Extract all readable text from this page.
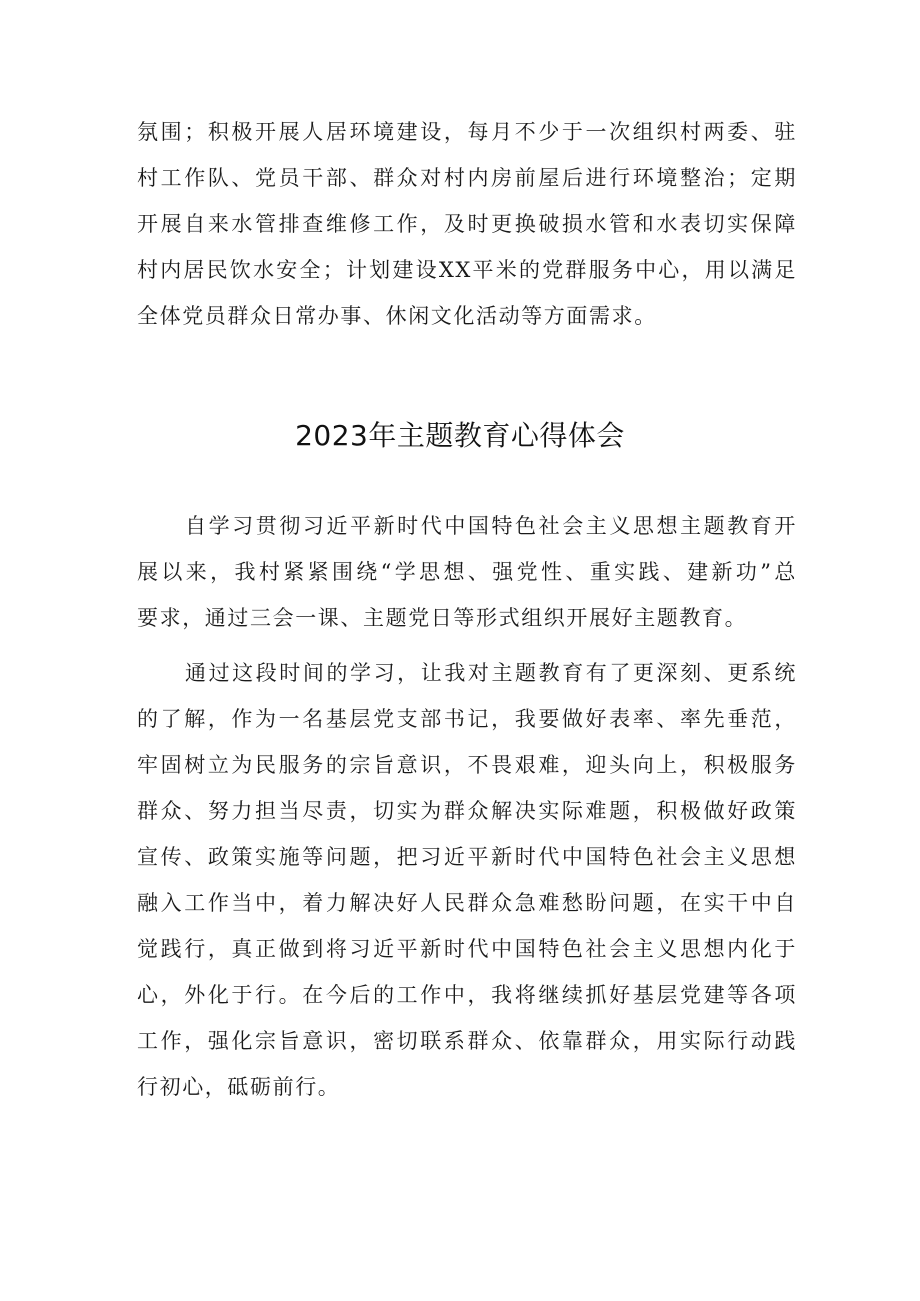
氛围；积极开展人居环境建设，每月不少于一次组织村两委、驻
村工作队、党员干部、群众对村内房前屋后进行环境整治；定期
开展自来水管排查维修工作，及时更换破损水管和水表切实保障
村内居民饮水安全；计划建设XX平米的党群服务中心，用以满足
全体党员群众日常办事、休闲文化活动等方面需求。
2023年主题教育心得体会
自学习贯彻习近平新时代中国特色社会主义思想主题教育开
展以来，我村紧紧围绕“学思想、强党性、重实践、建新功”总
要求，通过三会一课、主题党日等形式组织开展好主题教育。
通过这段时间的学习，让我对主题教育有了更深刻、更系统
的了解，作为一名基层党支部书记，我要做好表率、率先垂范，
牢固树立为民服务的宗旨意识，不畏艰难，迎头向上，积极服务
群众、努力担当尽责，切实为群众解决实际难题，积极做好政策
宣传、政策实施等问题，把习近平新时代中国特色社会主义思想
融入工作当中，着力解决好人民群众急难愁盼问题，在实干中自
觉践行，真正做到将习近平新时代中国特色社会主义思想内化于
心，外化于行。在今后的工作中，我将继续抓好基层党建等各项
工作，强化宗旨意识，密切联系群众、依靠群众，用实际行动践
行初心，砥砺前行。
